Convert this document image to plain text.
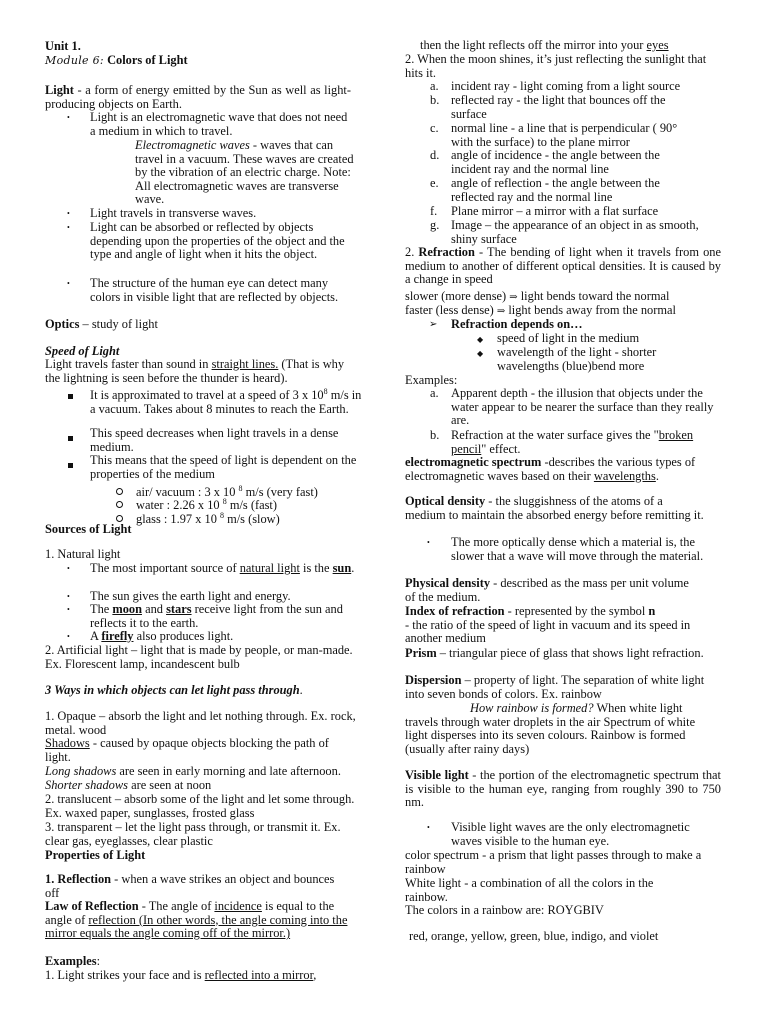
Unit 1.

Module 6: Colors of Light

Light - a form of energy emitted by the Sun as well as light-producing objects on Earth.

• Light is an electromagnetic wave that does not need a medium in which to travel.

Electromagnetic waves - waves that can travel in a vacuum. These waves are created by the vibration of an electric charge. Note: All electromagnetic waves are transverse wave.

• Light travels in transverse waves.

• Light can be absorbed or reflected by objects depending upon the properties of the object and the type and angle of light when it hits the object.

• The structure of the human eye can detect many colors in visible light that are reflected by objects.

Optics – study of light

Speed of Light

Light travels faster than sound in straight lines. (That is why the lightning is seen before the thunder is heard).

It is approximated to travel at a speed of 3 x $10^8$ m/s in a vacuum. Takes about 8 minutes to reach the Earth.

This speed decreases when light travels in a dense medium.

This means that the speed of light is dependent on the properties of the medium

air/ vacuum : 3 x 10 $^8$ m/s (very fast)

water : 2.26 x 10 $^8$ m/s (fast)

glass : 1.97 x 10 $^8$ m/s (slow)

Sources of Light

1. Natural light

• The most important source of natural light is the sun.

• The sun gives the earth light and energy.

• The moon and stars receive light from the sun and reflects it to the earth.

• A firefly also produces light.

2. Artificial light – light that is made by people, or man-made. Ex. Florescent lamp, incandescent bulb

3 Ways in which objects can let light pass through.

1. Opaque – absorb the light and let nothing through. Ex. rock, metal. wood

Shadows - caused by opaque objects blocking the path of light.

Long shadows are seen in early morning and late afternoon. Shorter shadows are seen at noon

2. translucent – absorb some of the light and let some through. Ex. waxed paper, sunglasses, frosted glass

3. transparent – let the light pass through, or transmit it. Ex. clear gas, eyeglasses, clear plastic

Properties of Light

1. Reflection - when a wave strikes an object and bounces off

Law of Reflection - The angle of incidence is equal to the angle of reflection (In other words, the angle coming into the mirror equals the angle coming off of the mirror.)

Examples:

1. Light strikes your face and is reflected into a mirror,

then the light reflects off the mirror into your eyes

2. When the moon shines, it’s just reflecting the sunlight that hits it.

a. incident ray - light coming from a light source

b. reflected ray - the light that bounces off the surface

c. normal line - a line that is perpendicular ( 90° with the surface) to the plane mirror

d. angle of incidence - the angle between the incident ray and the normal line

e. angle of reflection - the angle between the reflected ray and the normal line

f. Plane mirror – a mirror with a flat surface

g. Image – the appearance of an object in as smooth, shiny surface

2. Refraction - The bending of light when it travels from one medium to another of different optical densities. It is caused by a change in speed

slower (more dense) ⇒ light bends toward the normal

faster (less dense) ⇒ light bends away from the normal

➢ Refraction depends on…

◆ speed of light in the medium

◆ wavelength of the light - shorter wavelengths (blue)bend more

Examples:

a. Apparent depth - the illusion that objects under the water appear to be nearer the surface than they really are.

b. Refraction at the water surface gives the "broken pencil" effect.

electromagnetic spectrum -describes the various types of electromagnetic waves based on their wavelengths.

Optical density - the sluggishness of the atoms of a medium to maintain the absorbed energy before remitting it.

• The more optically dense which a material is, the slower that a wave will move through the material.

Physical density - described as the mass per unit volume of the medium.

Index of refraction - represented by the symbol n
- the ratio of the speed of light in vacuum and its speed in another medium

Prism – triangular piece of glass that shows light refraction.

Dispersion – property of light. The separation of white light into seven bonds of colors. Ex. rainbow

How rainbow is formed? When white light travels through water droplets in the air Spectrum of white light disperses into its seven colours. Rainbow is formed (usually after rainy days)

Visible light - the portion of the electromagnetic spectrum that is visible to the human eye, ranging from roughly 390 to 750 nm.

• Visible light waves are the only electromagnetic waves visible to the human eye.

color spectrum - a prism that light passes through to make a rainbow

White light - a combination of all the colors in the rainbow.

The colors in a rainbow are: ROYGBIV

red, orange, yellow, green, blue, indigo, and violet
